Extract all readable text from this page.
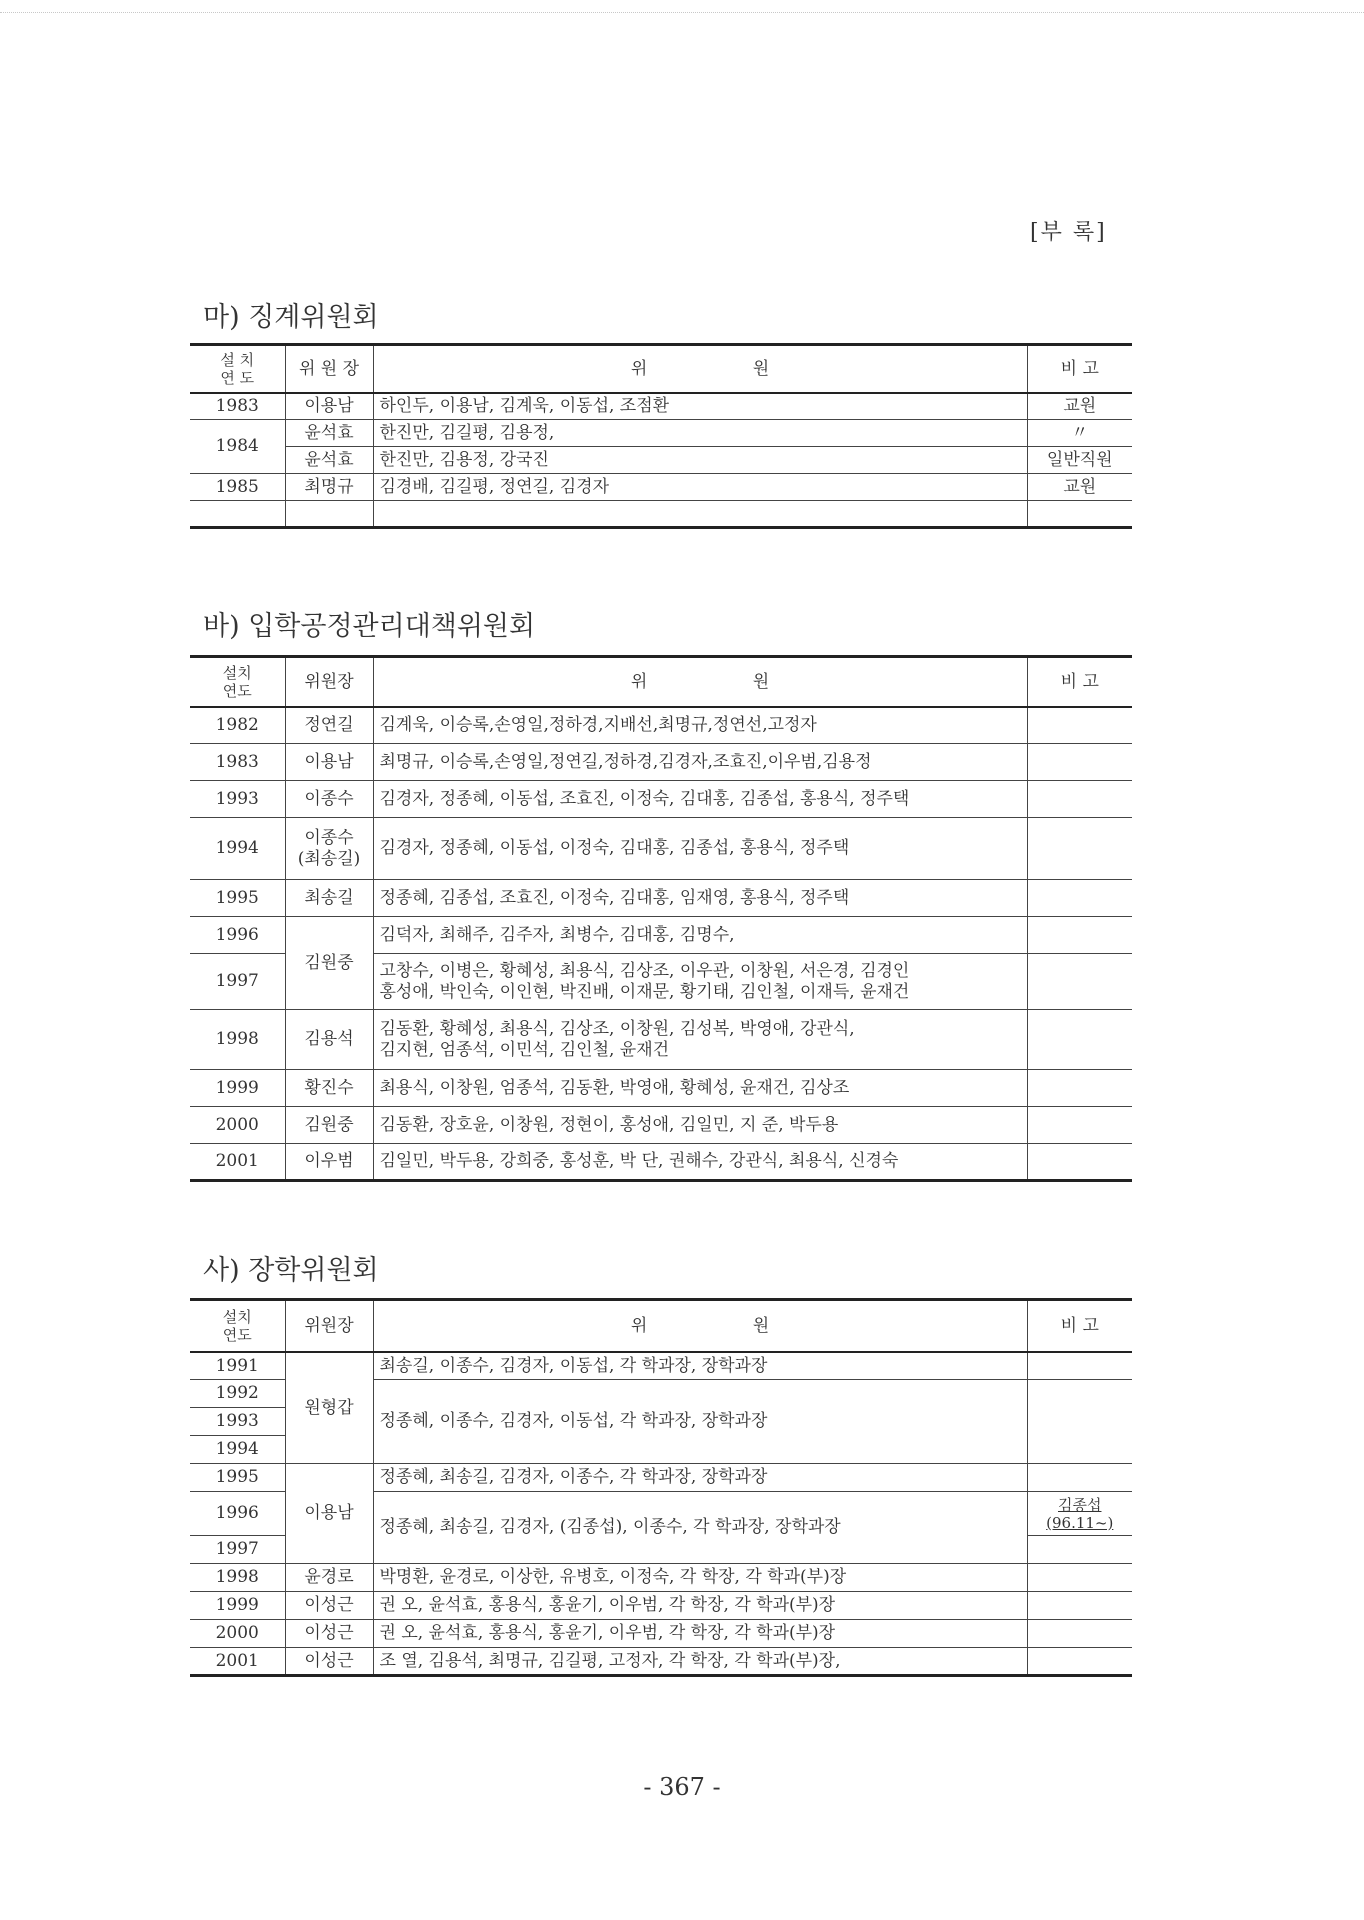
[부 록]
마) 징계위원회
설 치
연 도	위 원 장	위 원	비 고
1983	이용남	하인두, 이용남, 김계욱, 이동섭, 조점환	교원
1984	윤석효	한진만, 김길평, 김용정,	〃
	윤석효	한진만, 김용정, 강국진	일반직원
1985	최명규	김경배, 김길평, 정연길, 김경자	교원

바) 입학공정관리대책위원회
설치
연도	위원장	위 원	비 고
1982	정연길	김계욱, 이승록,손영일,정하경,지배선,최명규,정연선,고정자	
1983	이용남	최명규, 이승록,손영일,정연길,정하경,김경자,조효진,이우범,김용정	
1993	이종수	김경자, 정종혜, 이동섭, 조효진, 이정숙, 김대홍, 김종섭, 홍용식, 정주택	
1994	이종수
(최송길)	김경자, 정종혜, 이동섭, 이정숙, 김대홍, 김종섭, 홍용식, 정주택	
1995	최송길	정종혜, 김종섭, 조효진, 이정숙, 김대홍, 임재영, 홍용식, 정주택	
1996	김원중	김덕자, 최해주, 김주자, 최병수, 김대홍, 김명수,	
1997		고창수, 이병은, 황혜성, 최용식, 김상조, 이우관, 이창원, 서은경, 김경인
홍성애, 박인숙, 이인현, 박진배, 이재문, 황기태, 김인철, 이재득, 윤재건	
1998	김용석	김동환, 황혜성, 최용식, 김상조, 이창원, 김성복, 박영애, 강관식,
김지현, 엄종석, 이민석, 김인철, 윤재건	
1999	황진수	최용식, 이창원, 엄종석, 김동환, 박영애, 황혜성, 윤재건, 김상조	
2000	김원중	김동환, 장호윤, 이창원, 정현이, 홍성애, 김일민, 지 준, 박두용	
2001	이우범	김일민, 박두용, 강희중, 홍성훈, 박 단, 권해수, 강관식, 최용식, 신경숙	
사) 장학위원회
설치
연도	위원장	위 원	비 고
1991	원형갑	최송길, 이종수, 김경자, 이동섭, 각 학과장, 장학과장	
1992		정종혜, 이종수, 김경자, 이동섭, 각 학과장, 장학과장	
1993			
1994			
1995	이용남	정종혜, 최송길, 김경자, 이종수, 각 학과장, 장학과장	
1996		정종혜, 최송길, 김경자, (김종섭), 이종수, 각 학과장, 장학과장	김종섭
(96.11~)
1997			
1998	윤경로	박명환, 윤경로, 이상한, 유병호, 이정숙, 각 학장, 각 학과(부)장	
1999	이성근	권 오, 윤석효, 홍용식, 홍윤기, 이우범, 각 학장, 각 학과(부)장	
2000	이성근	권 오, 윤석효, 홍용식, 홍윤기, 이우범, 각 학장, 각 학과(부)장	
2001	이성근	조 열, 김용석, 최명규, 김길평, 고정자, 각 학장, 각 학과(부)장,	
- 367 -
